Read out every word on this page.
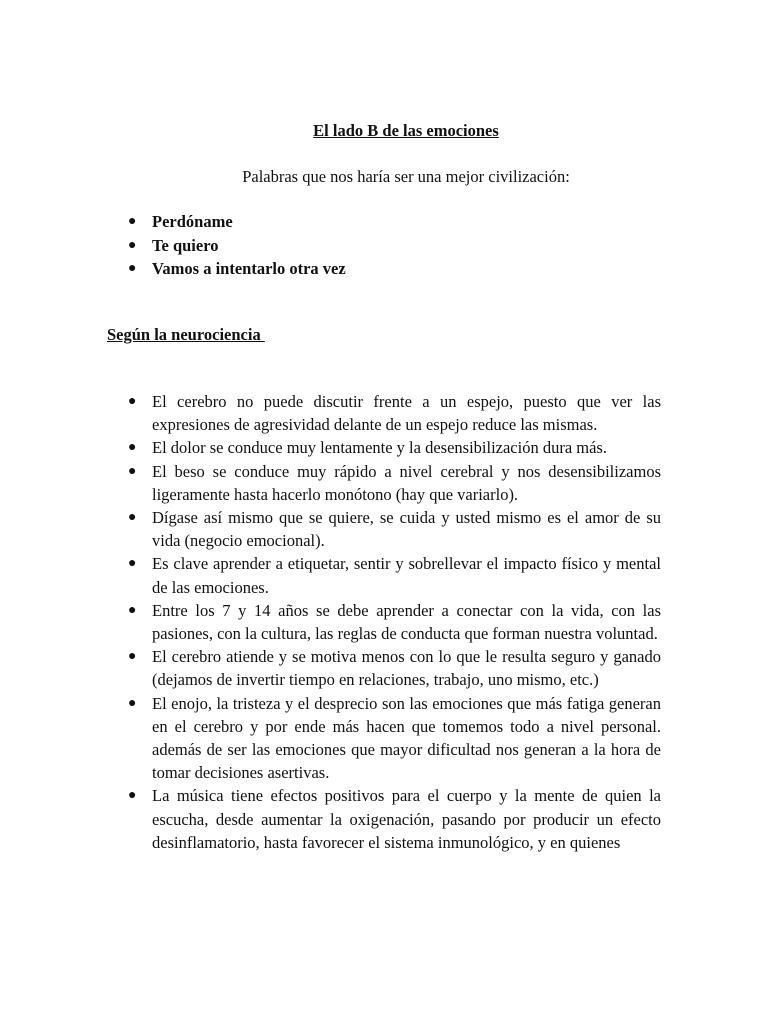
El lado B de las emociones
Palabras que nos haría ser una mejor civilización:
● Perdóname
● Te quiero
● Vamos a intentarlo otra vez
Según la neurociencia
● El cerebro no puede discutir frente a un espejo, puesto que ver las expresiones de agresividad delante de un espejo reduce las mismas.
● El dolor se conduce muy lentamente y la desensibilización dura más.
● El beso se conduce muy rápido a nivel cerebral y nos desensibilizamos ligeramente hasta hacerlo monótono (hay que variarlo).
● Dígase así mismo que se quiere, se cuida y usted mismo es el amor de su vida (negocio emocional).
● Es clave aprender a etiquetar, sentir y sobrellevar el impacto físico y mental de las emociones.
● Entre los 7 y 14 años se debe aprender a conectar con la vida, con las pasiones, con la cultura, las reglas de conducta que forman nuestra voluntad.
● El cerebro atiende y se motiva menos con lo que le resulta seguro y ganado (dejamos de invertir tiempo en relaciones, trabajo, uno mismo, etc.)
● El enojo, la tristeza y el desprecio son las emociones que más fatiga generan en el cerebro y por ende más hacen que tomemos todo a nivel personal. además de ser las emociones que mayor dificultad nos generan a la hora de tomar decisiones asertivas.
● La música tiene efectos positivos para el cuerpo y la mente de quien la escucha, desde aumentar la oxigenación, pasando por producir un efecto desinflamatorio, hasta favorecer el sistema inmunológico, y en quienes
